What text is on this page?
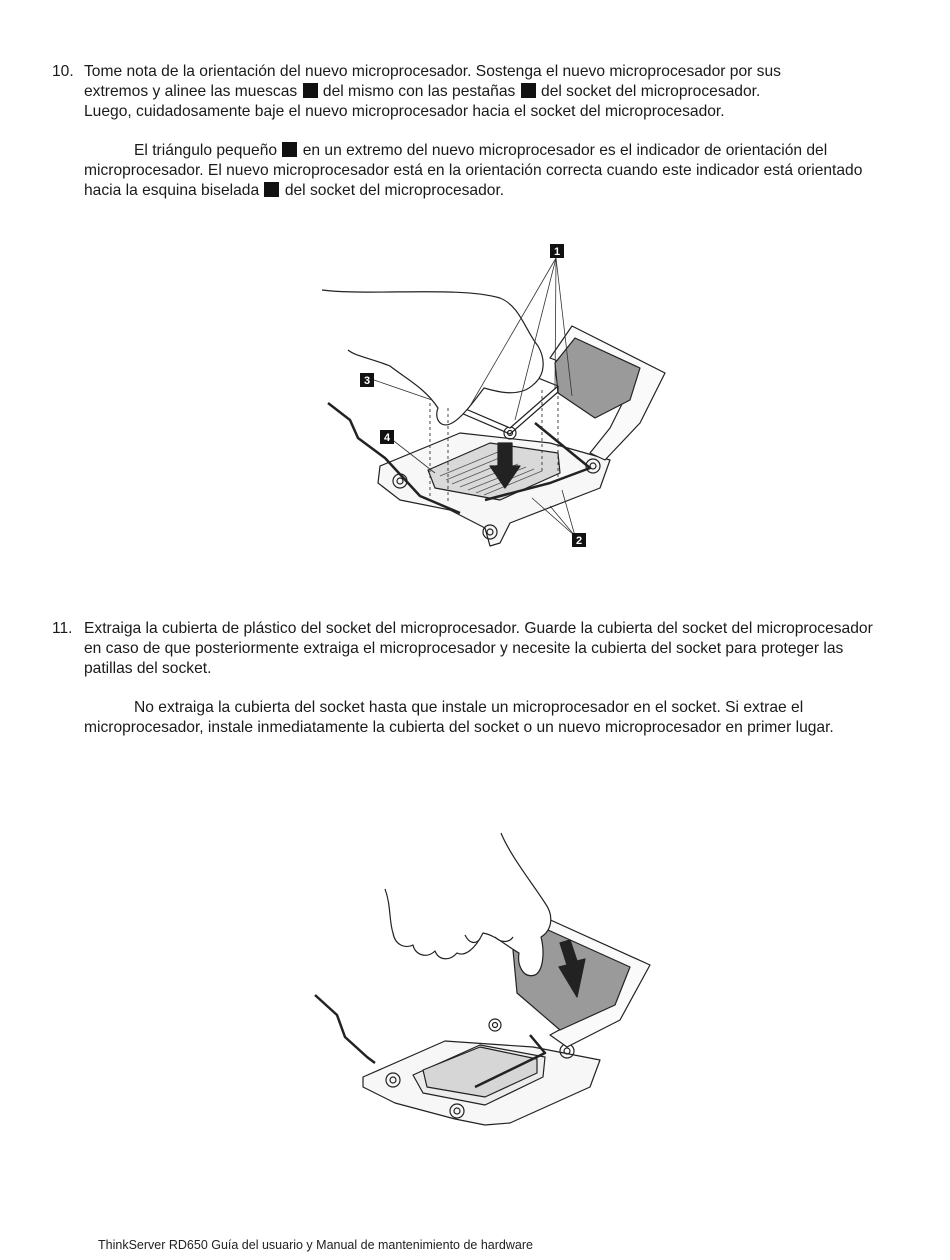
10. Tome nota de la orientación del nuevo microprocesador. Sostenga el nuevo microprocesador por sus
extremos y alinee las muescas del mismo con las pestañas del socket del microprocesador.
Luego, cuidadosamente baje el nuevo microprocesador hacia el socket del microprocesador.
El triángulo pequeño en un extremo del nuevo microprocesador es el indicador de orientación del microprocesador. El nuevo microprocesador está en la orientación correcta cuando este indicador está orientado hacia la esquina biselada del socket del microprocesador.
1
2
3
4
11. Extraiga la cubierta de plástico del socket del microprocesador. Guarde la cubierta del socket del microprocesador en caso de que posteriormente extraiga el microprocesador y necesite la cubierta del socket para proteger las patillas del socket.
No extraiga la cubierta del socket hasta que instale un microprocesador en el socket. Si extrae el microprocesador, instale inmediatamente la cubierta del socket o un nuevo microprocesador en primer lugar.
ThinkServer RD650 Guía del usuario y Manual de mantenimiento de hardware
